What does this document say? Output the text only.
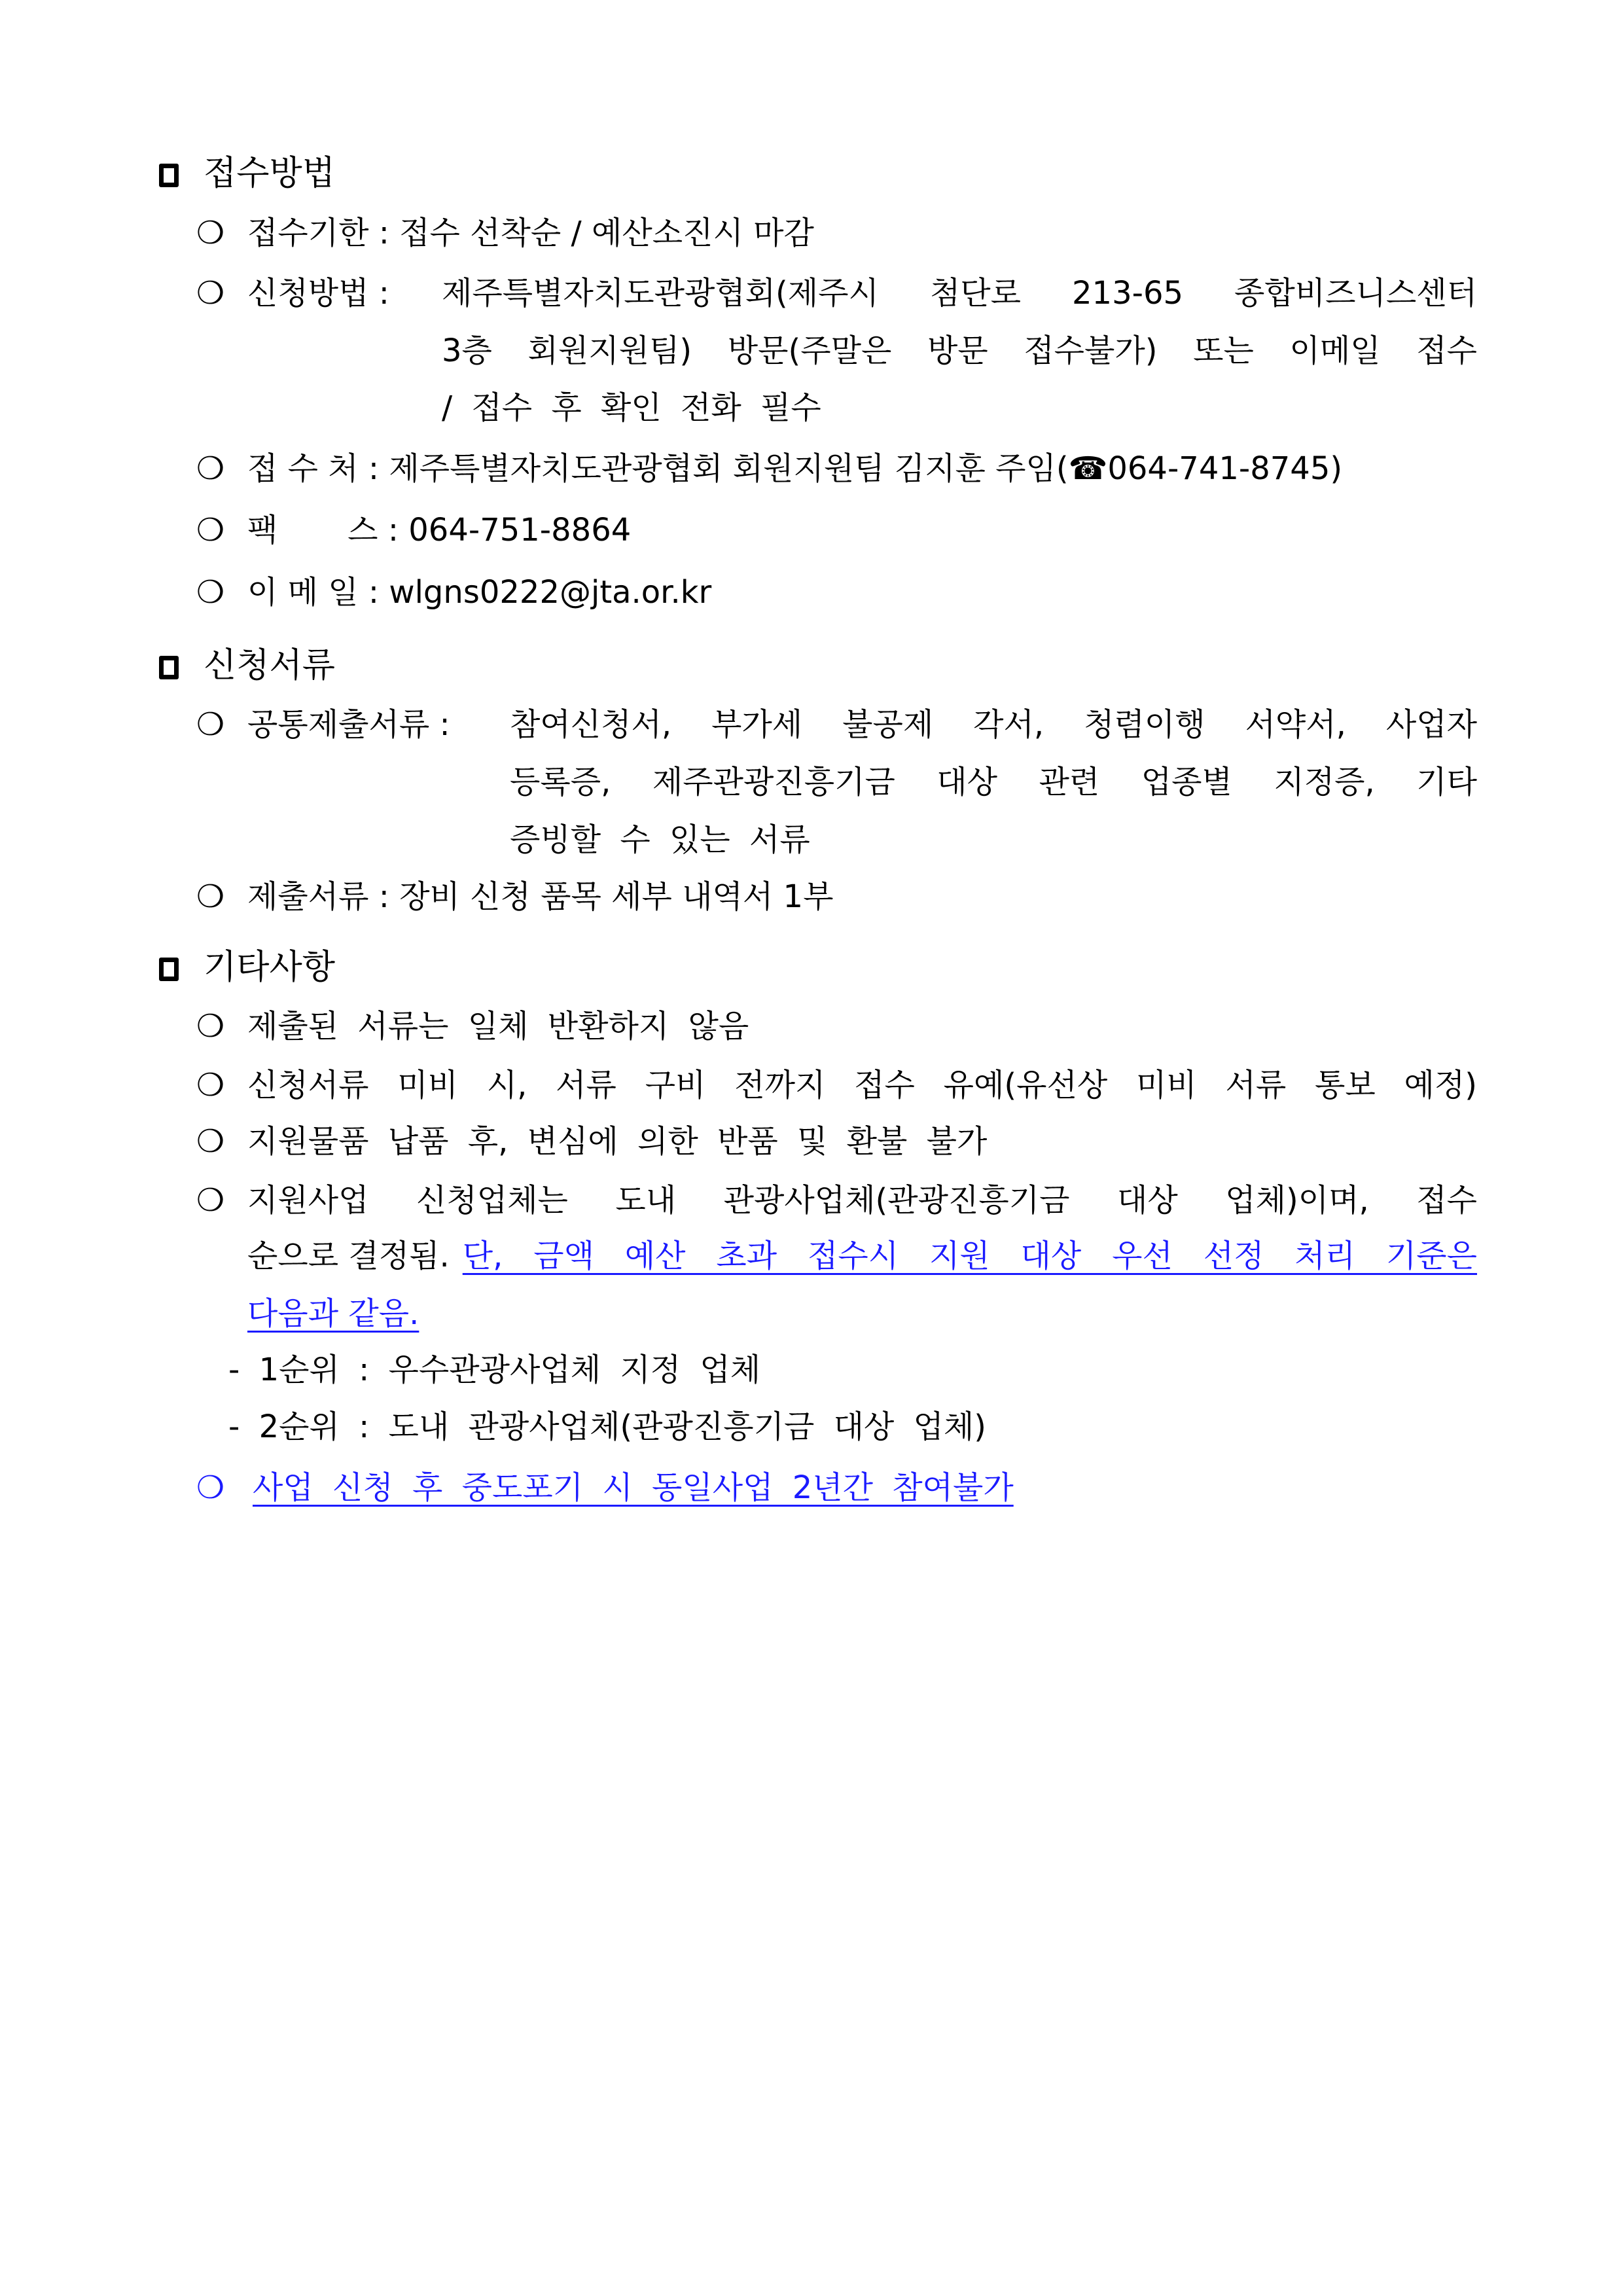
접수방법
❍ 접수기한 : 접수 선착순 / 예산소진시 마감
❍ 신청방법 : 제주특별자치도관광협회(제주시 첨단로 213-65 종합비즈니스센터
3층 회원지원팀) 방문(주말은 방문 접수불가) 또는 이메일 접수
/ 접수 후 확인 전화 필수
❍ 접 수 처 : 제주특별자치도관광협회 회원지원팀 김지훈 주임(☎064-741-8745)
❍ 팩       스 : 064-751-8864
❍ 이 메 일 : wlgns0222@jta.or.kr
신청서류
❍ 공통제출서류 : 참여신청서, 부가세 불공제 각서, 청렴이행 서약서, 사업자
등록증, 제주관광진흥기금 대상 관련 업종별 지정증, 기타
증빙할 수 있는 서류
❍ 제출서류 : 장비 신청 품목 세부 내역서 1부
기타사항
❍ 제출된 서류는 일체 반환하지 않음
❍ 신청서류 미비 시, 서류 구비 전까지 접수 유예(유선상 미비 서류 통보 예정)
❍ 지원물품 납품 후, 변심에 의한 반품 및 환불 불가
❍ 지원사업 신청업체는 도내 관광사업체(관광진흥기금 대상 업체)이며, 접수
순으로 결정됨. 단, 금액 예산 초과 접수시 지원 대상 우선 선정 처리 기준은
다음과 같음.
- 1순위 : 우수관광사업체 지정 업체
- 2순위 : 도내 관광사업체(관광진흥기금 대상 업체)
❍ 사업 신청 후 중도포기 시 동일사업 2년간 참여불가
